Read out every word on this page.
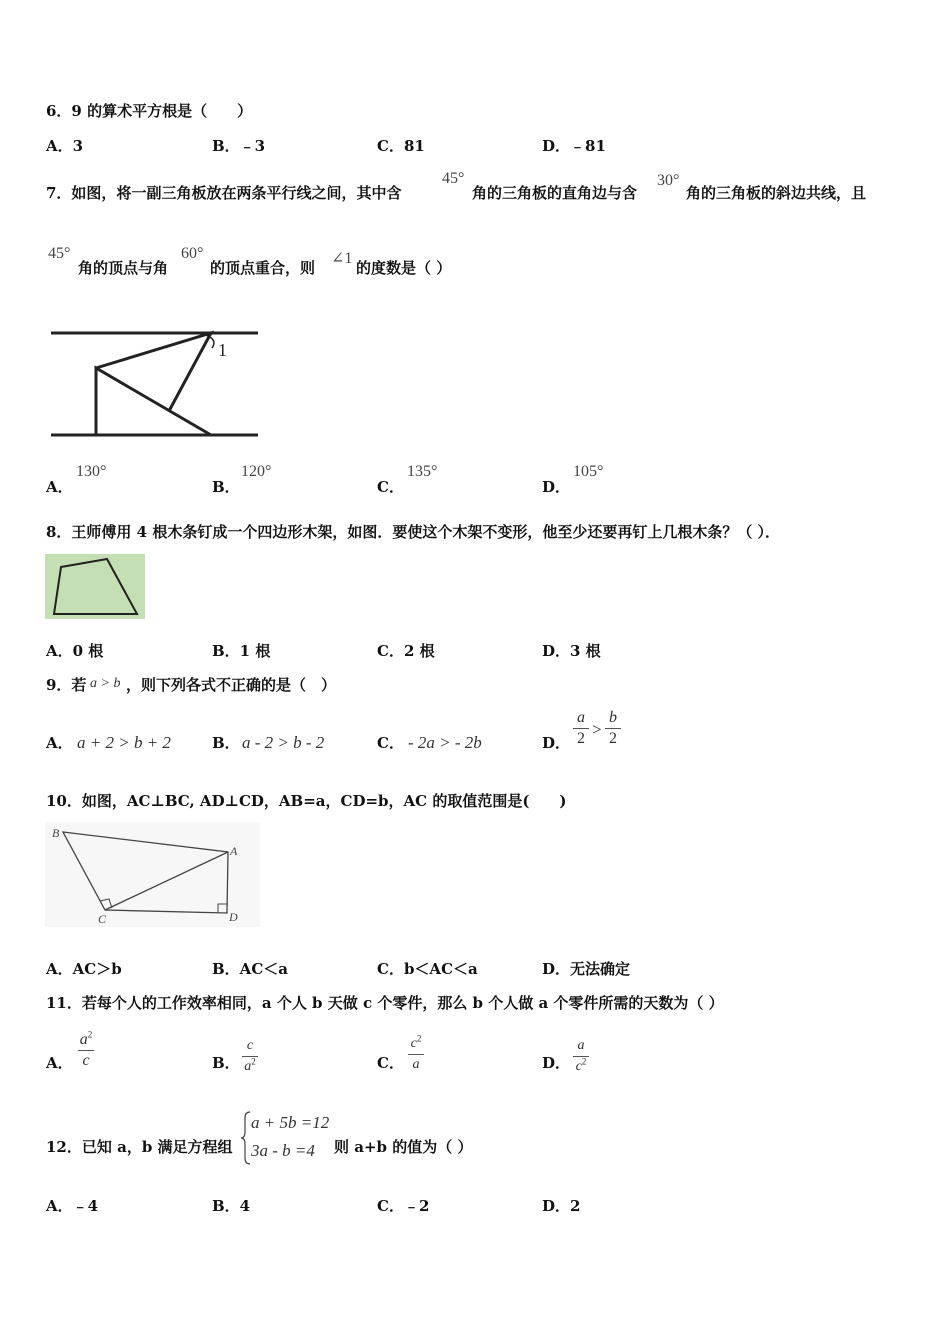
6．9 的算术平方根是（　　）
A．3	B．﹣3	C．81	D．﹣81
7．如图，将一副三角板放在两条平行线之间，其中含
45°
角的三角板的直角边与含
30°
角的三角板的斜边共线，且
45°
角的顶点与角
60°
的顶点重合，则
∠1
的度数是（ ）
1
A．
130°
B．
120°
C．
135°
D．
105°
8．王师傅用 4 根木条钉成一个四边形木架，如图．要使这个木架不变形，他至少还要再钉上几根木条？（ ）．
A．0 根	B．1 根	C．2 根	D．3 根
9．若 a > b ，则下列各式不正确的是（　）
A． a + 2 > b + 2	B． a - 2 > b - 2	C． - 2a > - 2b	D．
a
2 >
b
2
10．如图，AC⊥BC, AD⊥CD，AB=a，CD=b，AC 的取值范围是(　　)
B
A
C	D
A．AC＞b	B．AC＜a	C．b＜AC＜a	D．无法确定
11．若每个人的工作效率相同，a 个人 b 天做 c 个零件，那么 b 个人做 a 个零件所需的天数为（ ）
A．
$a^2$
c	B．
c
$a^2$	C．
$c^2$
a	D．
a
$c^2$
12．已知 a，b 满足方程组
a + 5b =12
3a - b =4 则 a+b 的值为（ ）
A．﹣4	B．4	C．﹣2	D．2
